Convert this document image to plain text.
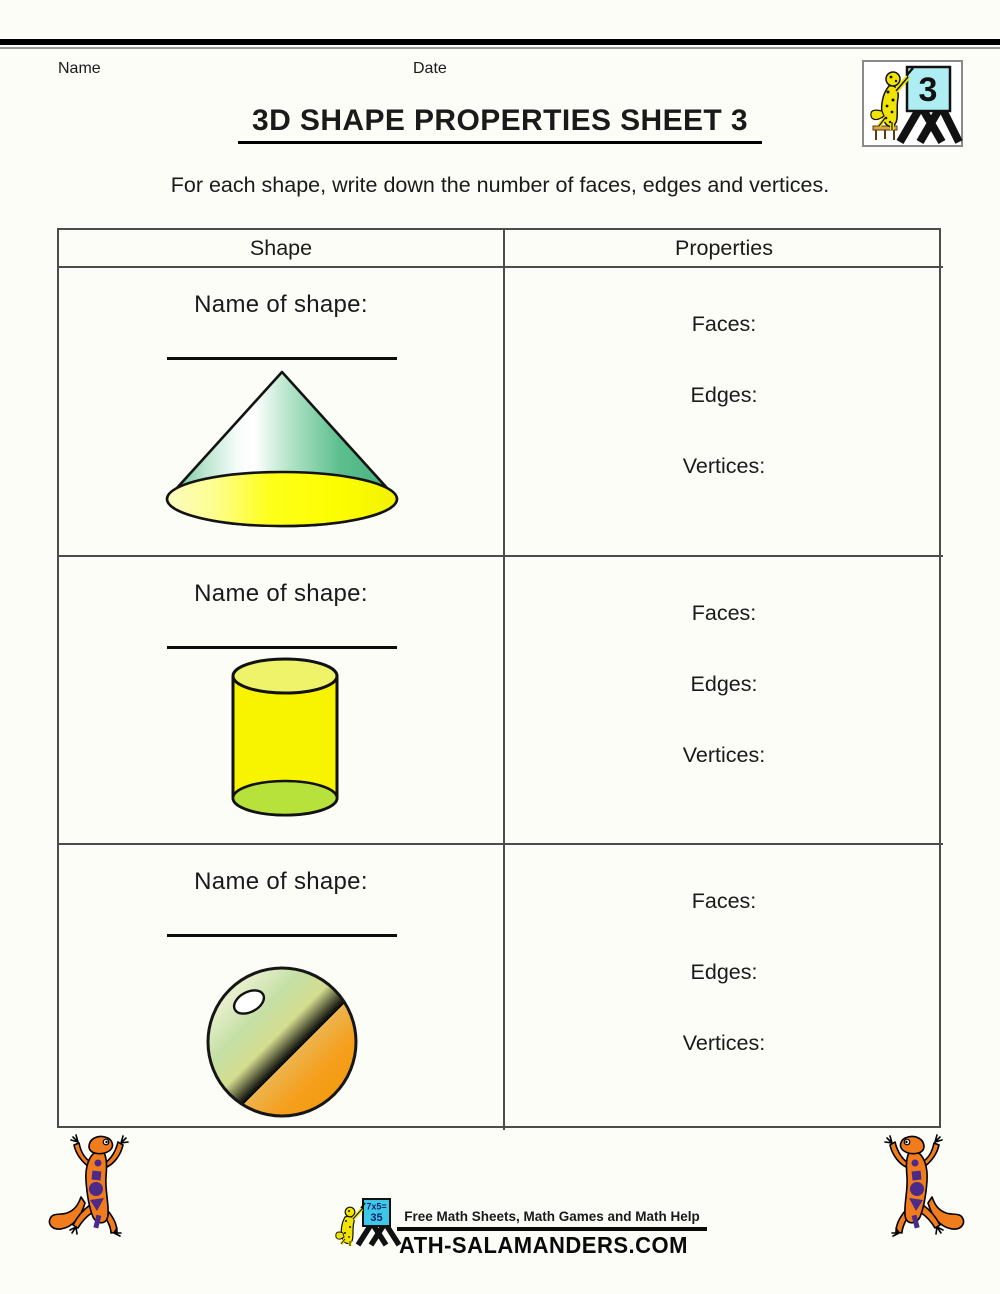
Name	Date
3
3D SHAPE PROPERTIES SHEET 3
For each shape, write down the number of faces, edges and vertices.
Shape	Properties
Name of shape:
Faces:
Edges:
Vertices:
Name of shape:
Faces:
Edges:
Vertices:
Name of shape:
Faces:
Edges:
Vertices:
7x5=
35	Free Math Sheets, Math Games and Math Help
ATH-SALAMANDERS.COM
